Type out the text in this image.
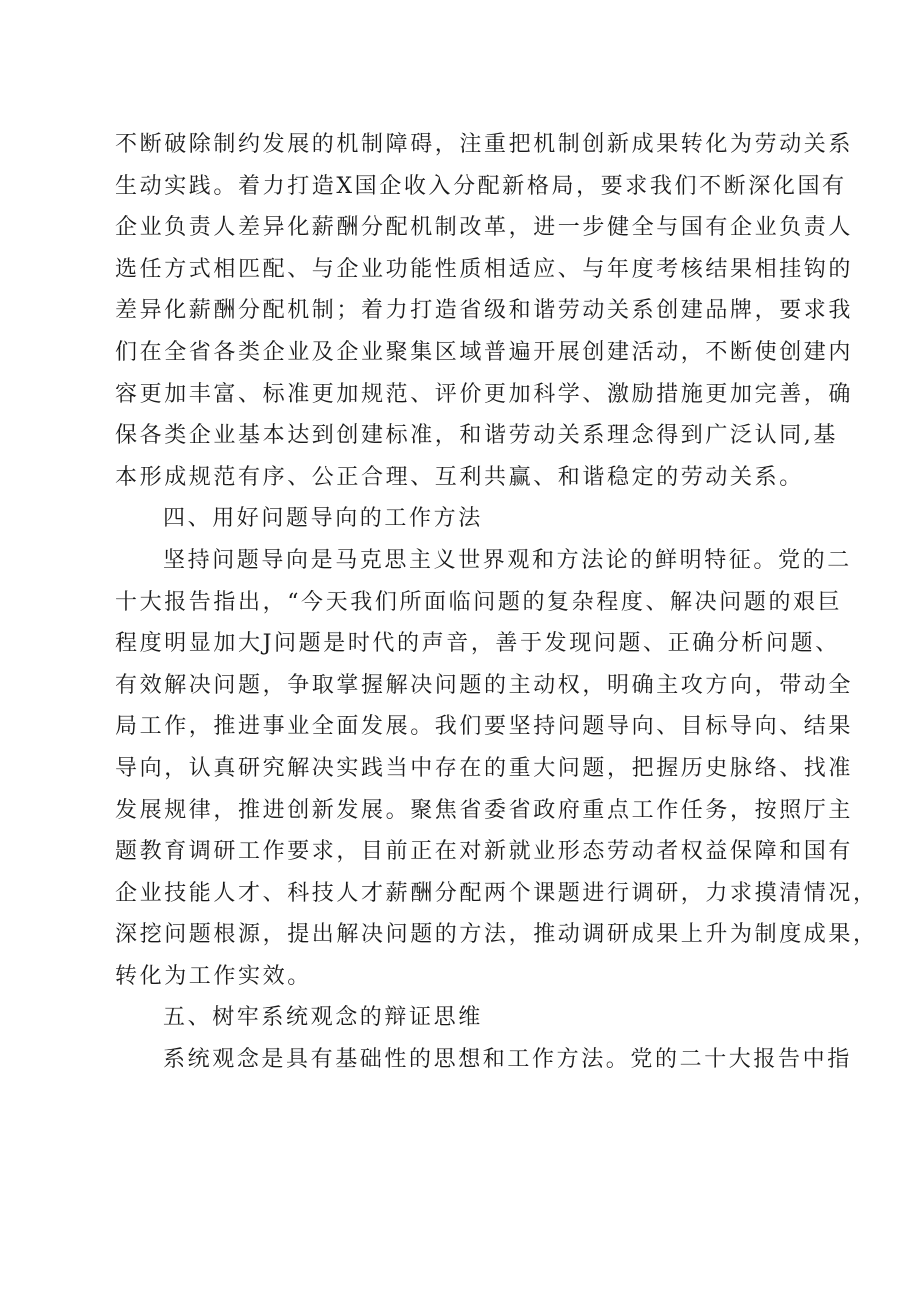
不断破除制约发展的机制障碍，注重把机制创新成果转化为劳动关系
生动实践。着力打造X国企收入分配新格局，要求我们不断深化国有
企业负责人差异化薪酬分配机制改革，进一步健全与国有企业负责人
选任方式相匹配、与企业功能性质相适应、与年度考核结果相挂钩的
差异化薪酬分配机制；着力打造省级和谐劳动关系创建品牌，要求我
们在全省各类企业及企业聚集区域普遍开展创建活动，不断使创建内
容更加丰富、标准更加规范、评价更加科学、激励措施更加完善，确
保各类企业基本达到创建标准，和谐劳动关系理念得到广泛认同,基
本形成规范有序、公正合理、互利共赢、和谐稳定的劳动关系。
四、用好问题导向的工作方法
坚持问题导向是马克思主义世界观和方法论的鲜明特征。党的二
十大报告指出，“今天我们所面临问题的复杂程度、解决问题的艰巨
程度明显加大J问题是时代的声音，善于发现问题、正确分析问题、
有效解决问题，争取掌握解决问题的主动权，明确主攻方向，带动全
局工作，推进事业全面发展。我们要坚持问题导向、目标导向、结果
导向，认真研究解决实践当中存在的重大问题，把握历史脉络、找准
发展规律，推进创新发展。聚焦省委省政府重点工作任务，按照厅主
题教育调研工作要求，目前正在对新就业形态劳动者权益保障和国有
企业技能人才、科技人才薪酬分配两个课题进行调研，力求摸清情况，
深挖问题根源，提出解决问题的方法，推动调研成果上升为制度成果，
转化为工作实效。
五、树牢系统观念的辩证思维
系统观念是具有基础性的思想和工作方法。党的二十大报告中指
